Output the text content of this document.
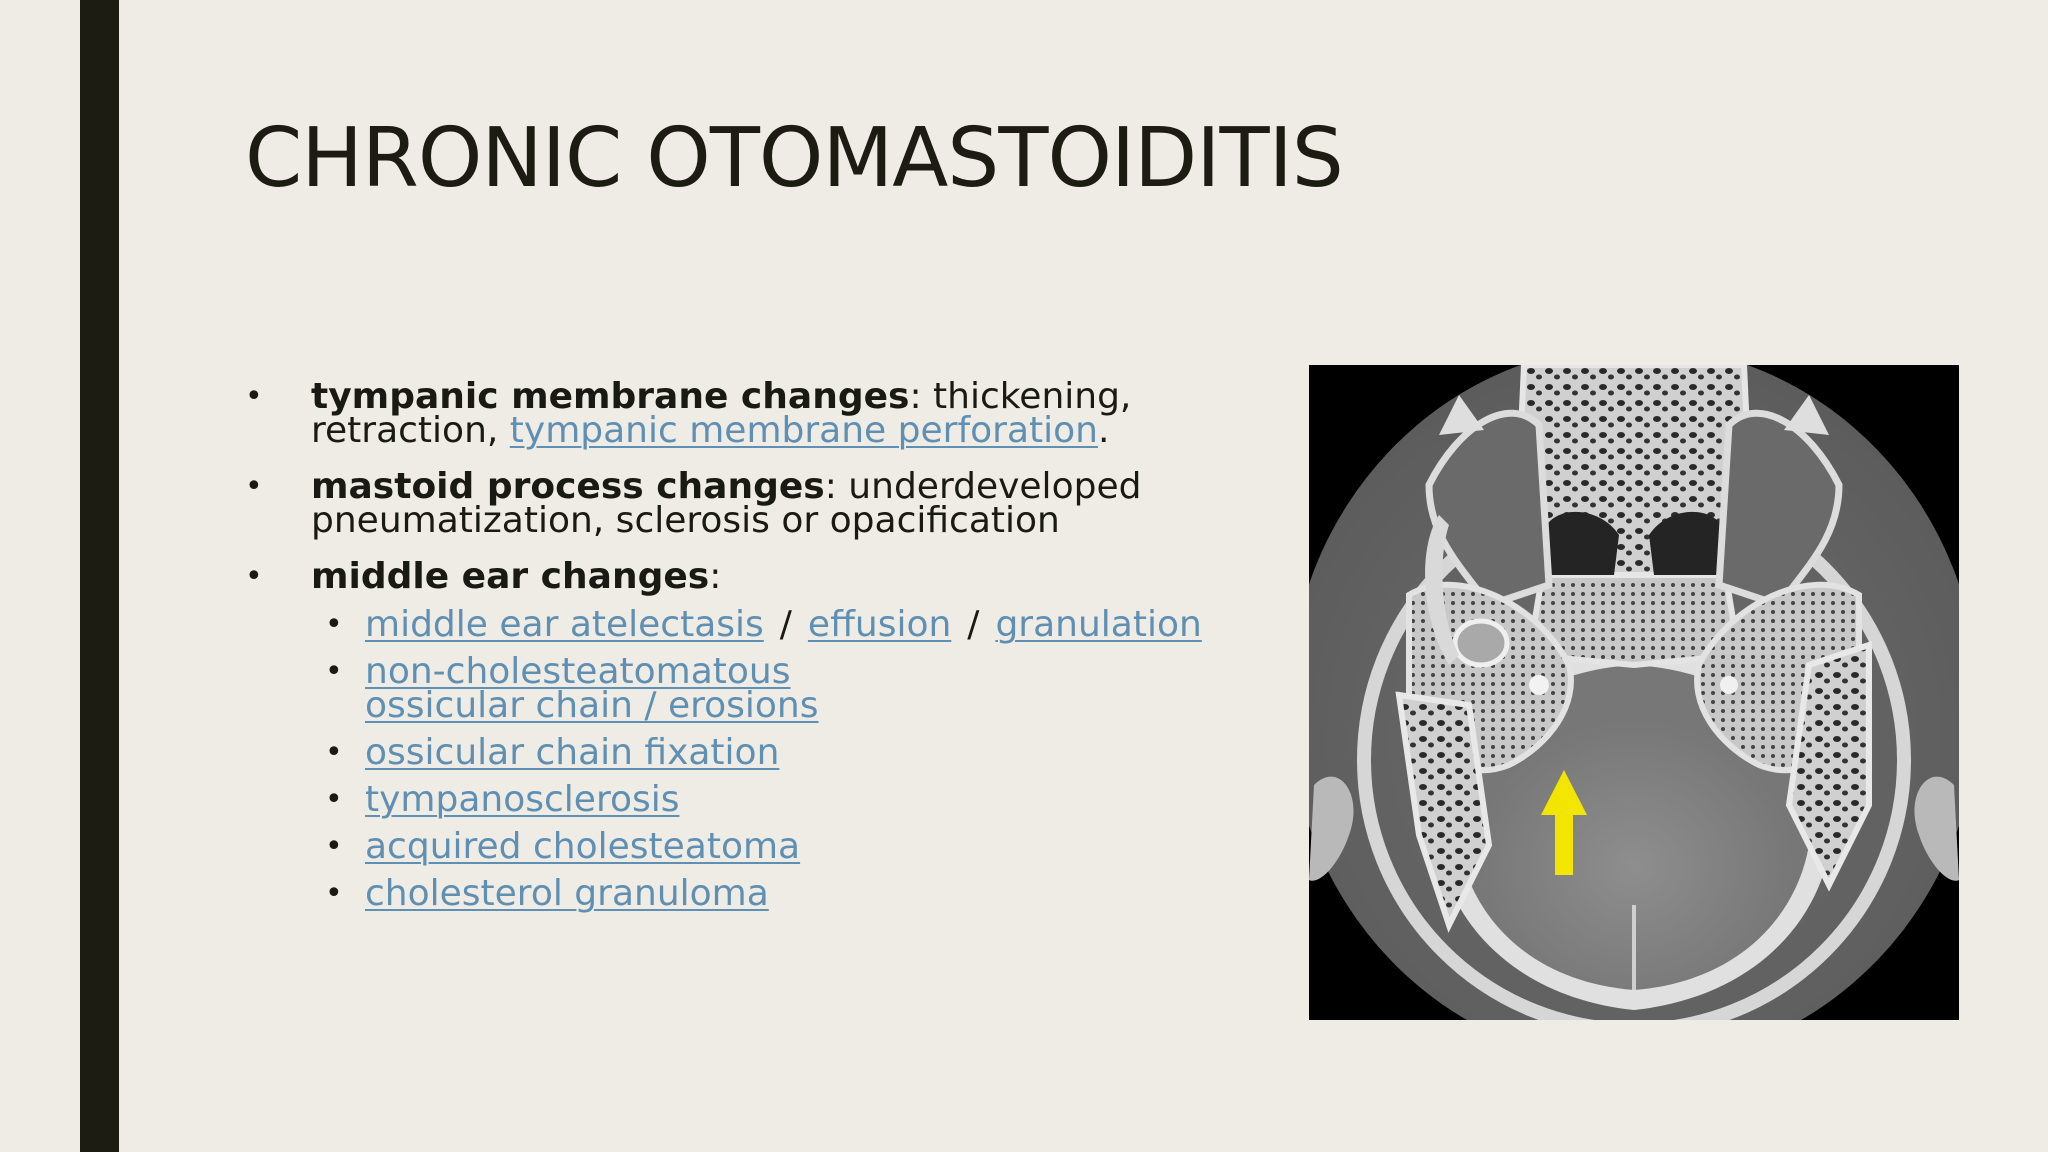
CHRONIC OTOMASTOIDITIS
• tympanic membrane changes: thickening, retraction, tympanic membrane perforation.
• mastoid process changes: underdeveloped pneumatization, sclerosis or opacification
• middle ear changes:
• middle ear atelectasis / effusion / granulation
• non-cholesteatomatous ossicular chain / erosions
• ossicular chain fixation
• tympanosclerosis
• acquired cholesteatoma
• cholesterol granuloma
